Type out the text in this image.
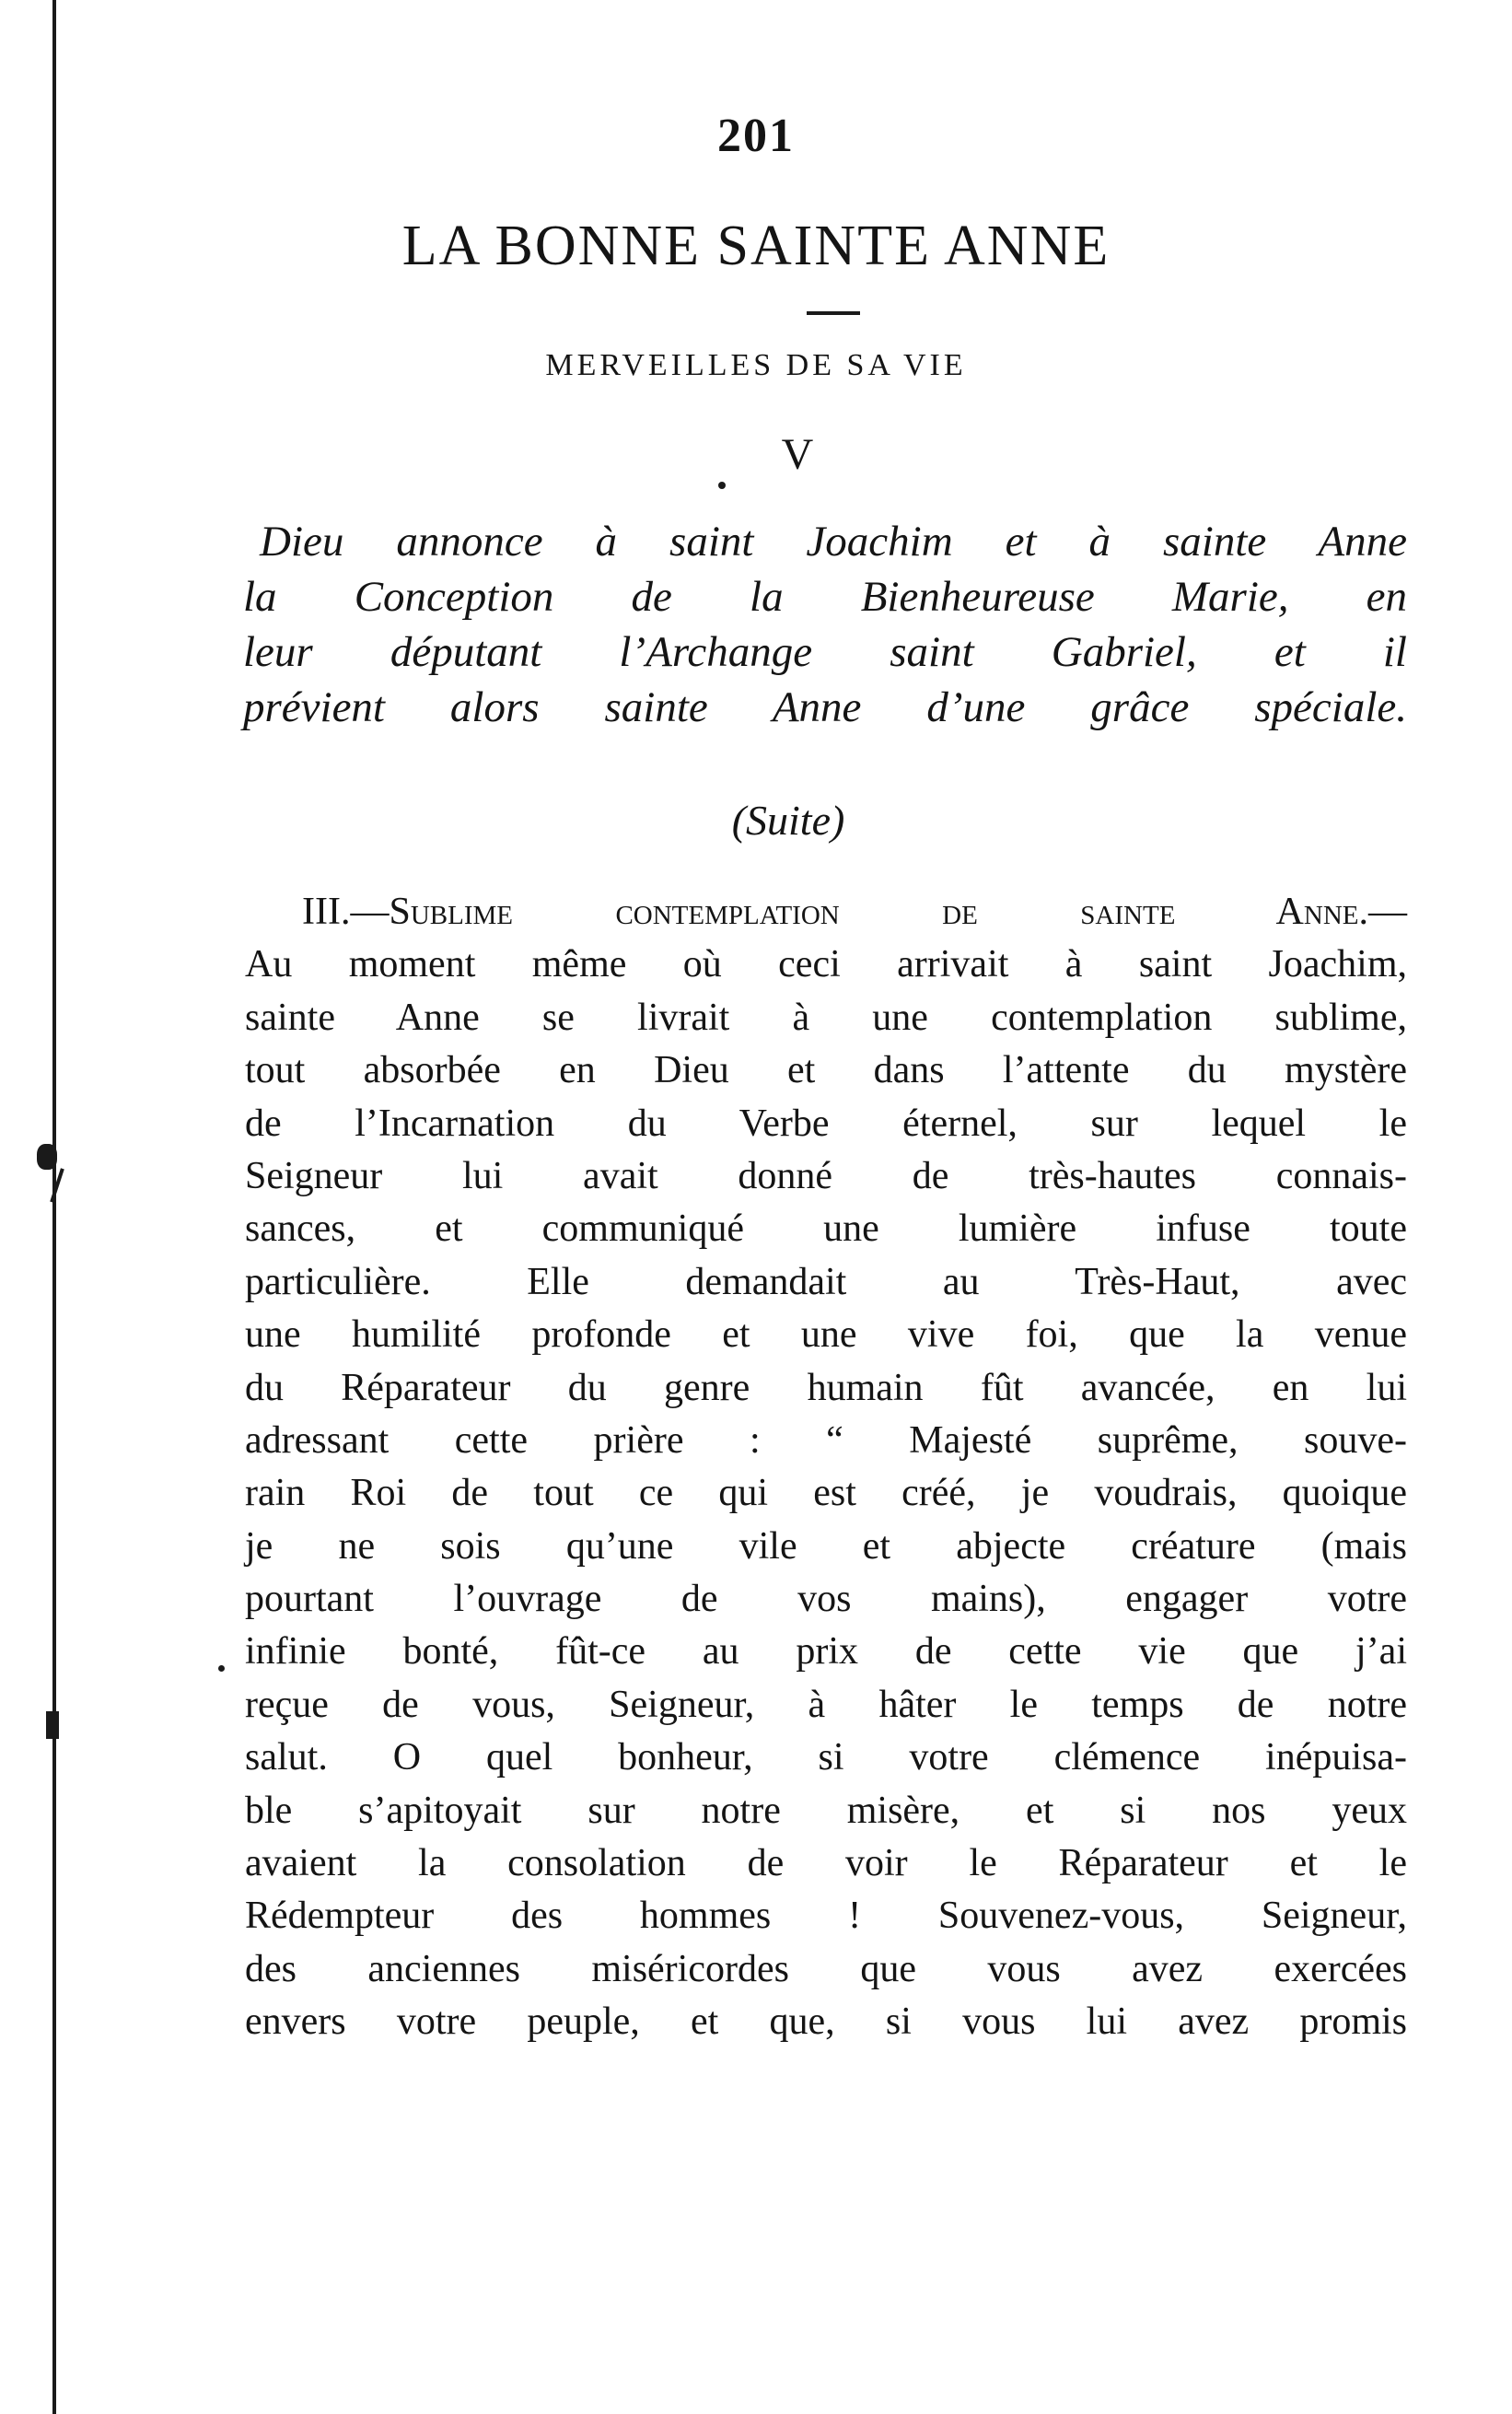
201
LA BONNE SAINTE ANNE
MERVEILLES DE SA VIE
V
Dieu annonce à saint Joachim et à sainte Anne
la Conception de la Bienheureuse Marie, en
leur députant l’Archange saint Gabriel, et il
prévient alors sainte Anne d’une grâce spéciale.
(Suite)
III.—Sublime contemplation de sainte Anne.—
Au moment même où ceci arrivait à saint Joachim,
sainte Anne se livrait à une contemplation sublime,
tout absorbée en Dieu et dans l’attente du mystère
de l’Incarnation du Verbe éternel, sur lequel le
Seigneur lui avait donné de très-hautes connais-
sances, et communiqué une lumière infuse toute
particulière. Elle demandait au Très-Haut, avec
une humilité profonde et une vive foi, que la venue
du Réparateur du genre humain fût avancée, en lui
adressant cette prière : “ Majesté suprême, souve-
rain Roi de tout ce qui est créé, je voudrais, quoique
je ne sois qu’une vile et abjecte créature (mais
pourtant l’ouvrage de vos mains), engager votre
infinie bonté, fût-ce au prix de cette vie que j’ai
reçue de vous, Seigneur, à hâter le temps de notre
salut. O quel bonheur, si votre clémence inépuisa-
ble s’apitoyait sur notre misère, et si nos yeux
avaient la consolation de voir le Réparateur et le
Rédempteur des hommes ! Souvenez-vous, Seigneur,
des anciennes miséricordes que vous avez exercées
envers votre peuple, et que, si vous lui avez promis
